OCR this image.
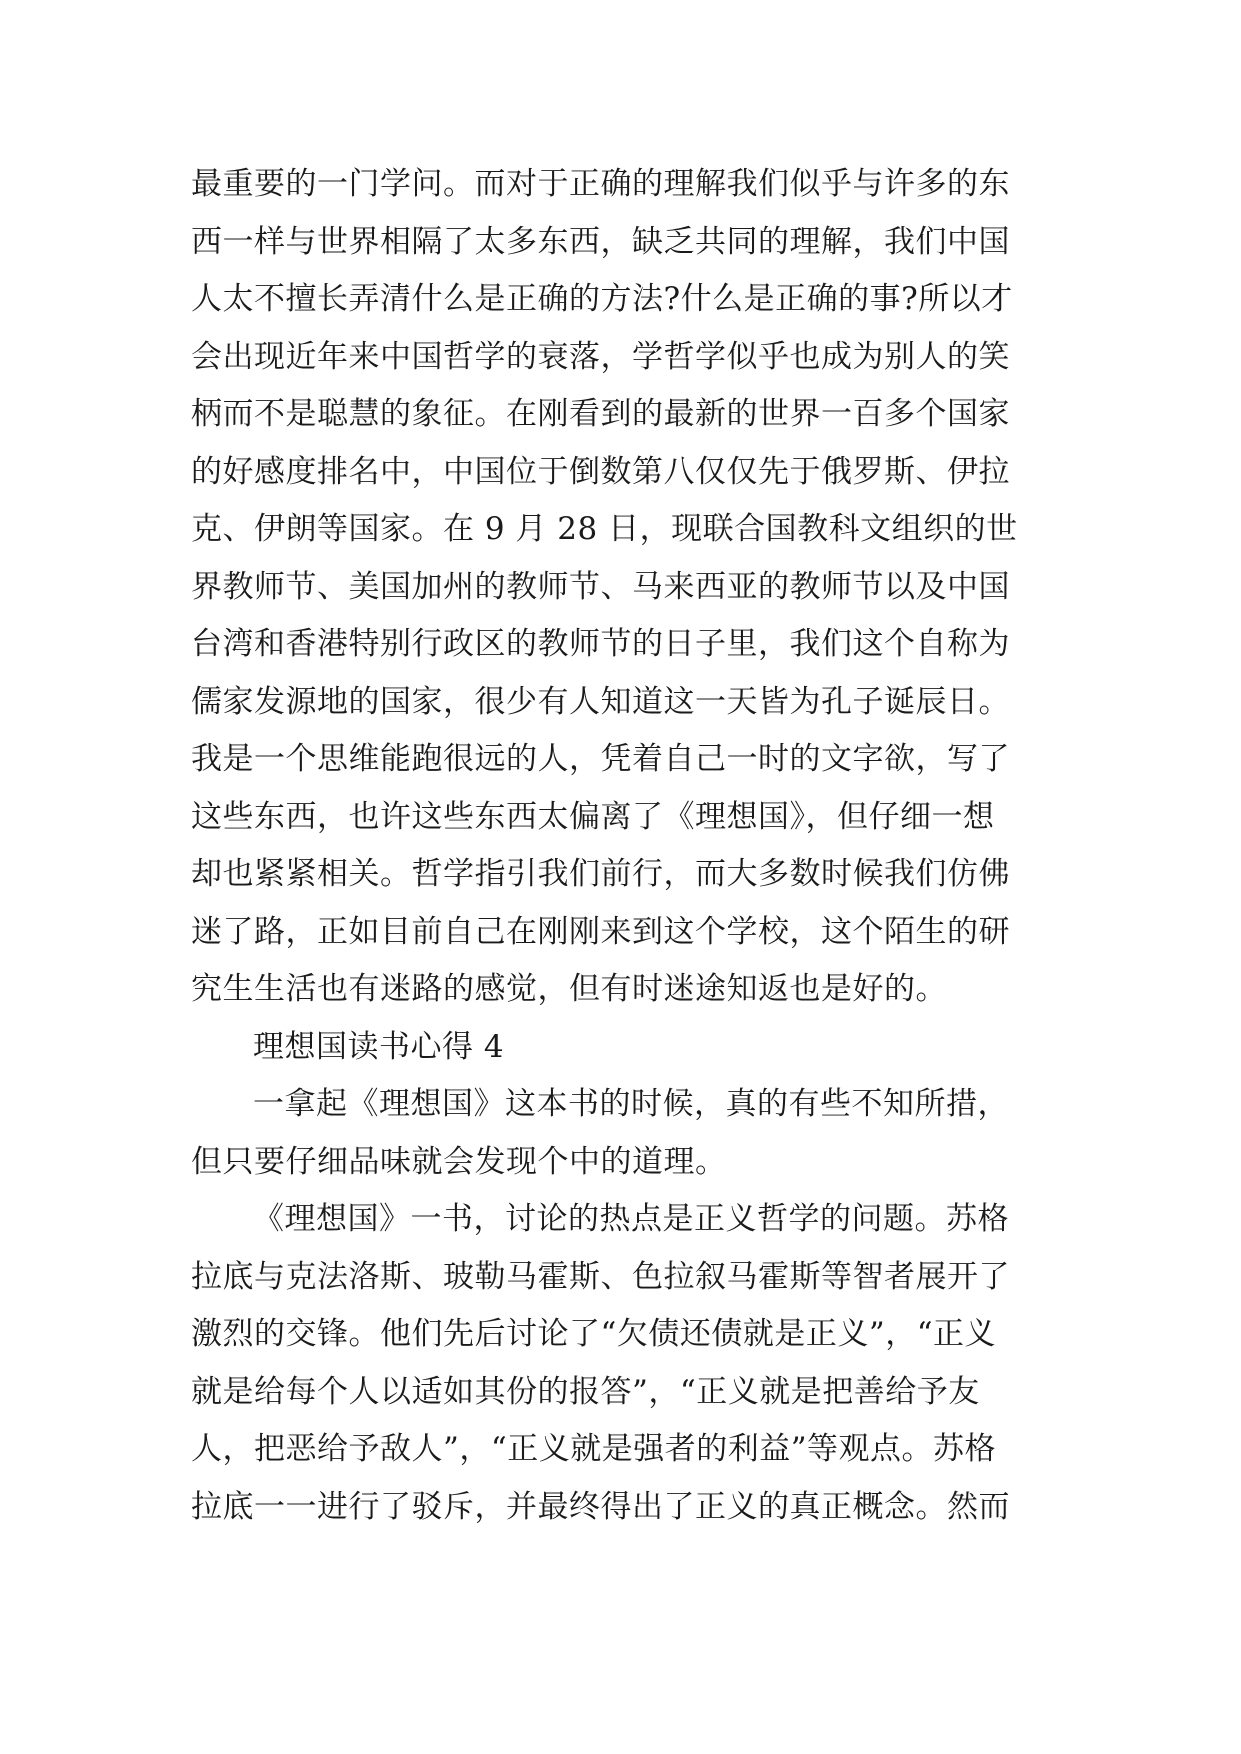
最重要的一门学问。而对于正确的理解我们似乎与许多的东
西一样与世界相隔了太多东西，缺乏共同的理解，我们中国
人太不擅长弄清什么是正确的方法?什么是正确的事?所以才
会出现近年来中国哲学的衰落，学哲学似乎也成为别人的笑
柄而不是聪慧的象征。在刚看到的最新的世界一百多个国家
的好感度排名中，中国位于倒数第八仅仅先于俄罗斯、伊拉
克、伊朗等国家。在 9 月 28 日，现联合国教科文组织的世
界教师节、美国加州的教师节、马来西亚的教师节以及中国
台湾和香港特别行政区的教师节的日子里，我们这个自称为
儒家发源地的国家，很少有人知道这一天皆为孔子诞辰日。
我是一个思维能跑很远的人，凭着自己一时的文字欲，写了
这些东西，也许这些东西太偏离了《理想国》，但仔细一想
却也紧紧相关。哲学指引我们前行，而大多数时候我们仿佛
迷了路，正如目前自己在刚刚来到这个学校，这个陌生的研
究生生活也有迷路的感觉，但有时迷途知返也是好的。
理想国读书心得 4
一拿起《理想国》这本书的时候，真的有些不知所措，
但只要仔细品味就会发现个中的道理。
《理想国》一书，讨论的热点是正义哲学的问题。苏格
拉底与克法洛斯、玻勒马霍斯、色拉叙马霍斯等智者展开了
激烈的交锋。他们先后讨论了“欠债还债就是正义”，“正义
就是给每个人以适如其份的报答”，“正义就是把善给予友
人，把恶给予敌人”，“正义就是强者的利益”等观点。苏格
拉底一一进行了驳斥，并最终得出了正义的真正概念。然而
